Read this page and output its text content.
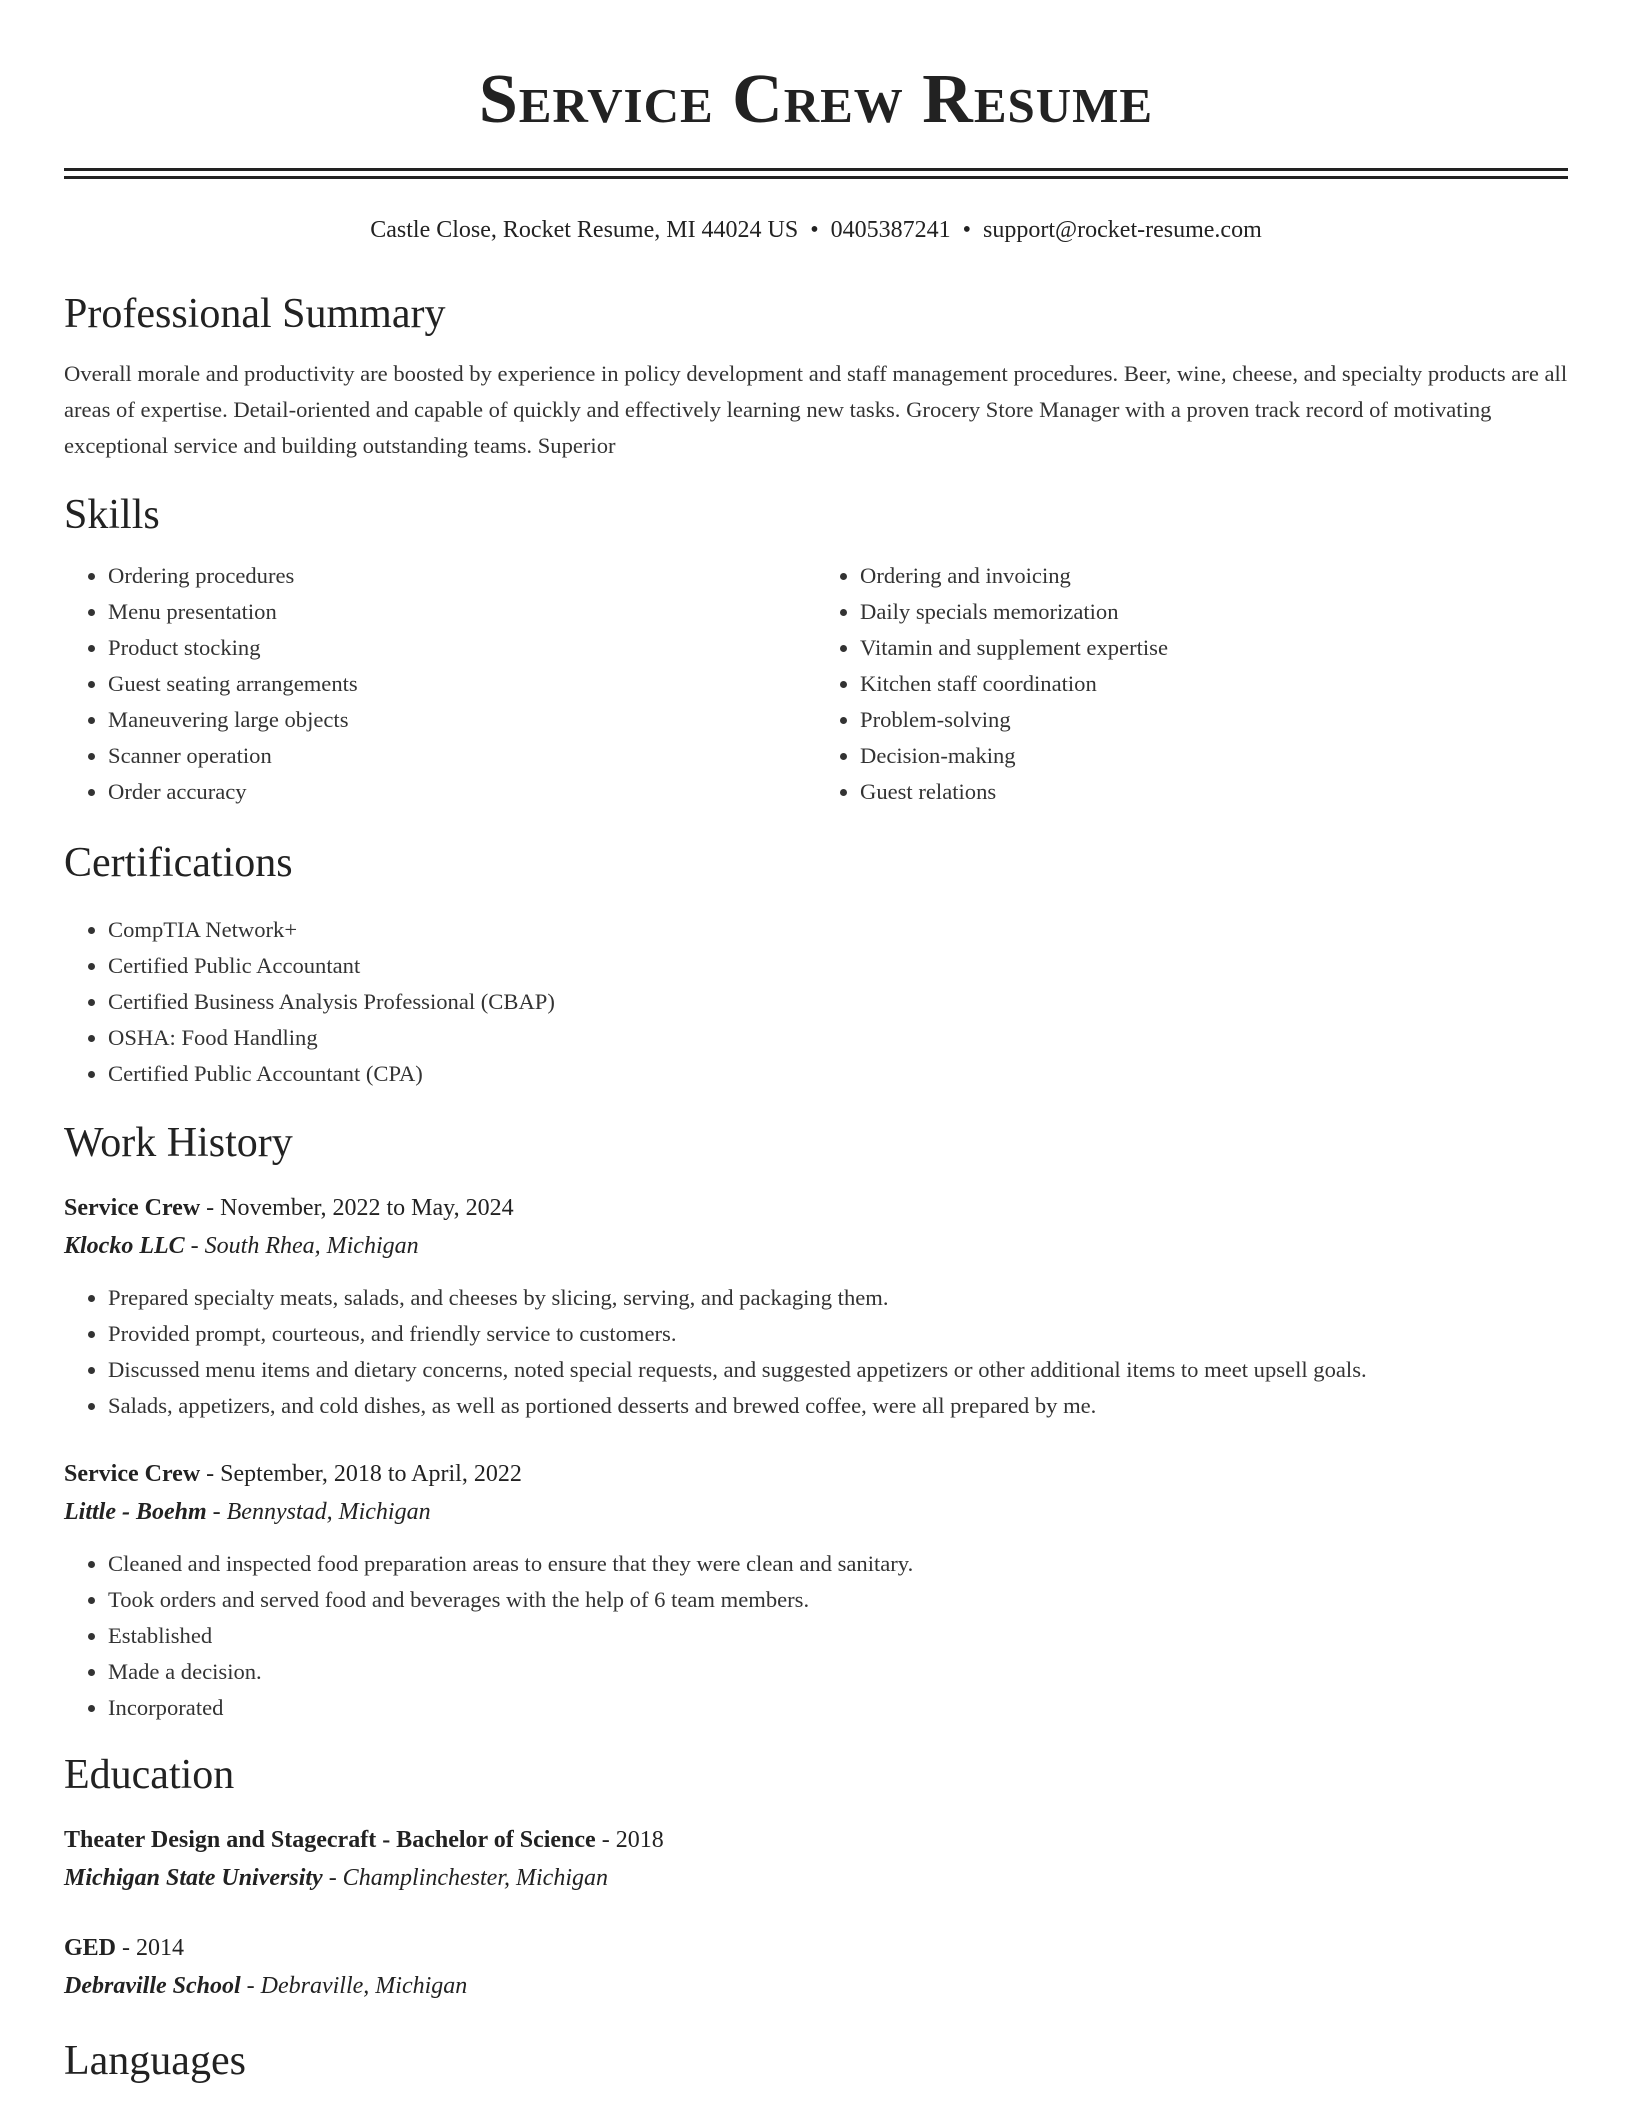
Service Crew Resume
Castle Close, Rocket Resume, MI 44024 US • 0405387241 • support@rocket-resume.com
Professional Summary
Overall morale and productivity are boosted by experience in policy development and staff management procedures. Beer, wine, cheese, and specialty products are all areas of expertise. Detail-oriented and capable of quickly and effectively learning new tasks. Grocery Store Manager with a proven track record of motivating exceptional service and building outstanding teams. Superior
Skills
• Ordering procedures
• Menu presentation
• Product stocking
• Guest seating arrangements
• Maneuvering large objects
• Scanner operation
• Order accuracy
• Ordering and invoicing
• Daily specials memorization
• Vitamin and supplement expertise
• Kitchen staff coordination
• Problem-solving
• Decision-making
• Guest relations
Certifications
• CompTIA Network+
• Certified Public Accountant
• Certified Business Analysis Professional (CBAP)
• OSHA: Food Handling
• Certified Public Accountant (CPA)
Work History
Service Crew - November, 2022 to May, 2024
Klocko LLC - South Rhea, Michigan
• Prepared specialty meats, salads, and cheeses by slicing, serving, and packaging them.
• Provided prompt, courteous, and friendly service to customers.
• Discussed menu items and dietary concerns, noted special requests, and suggested appetizers or other additional items to meet upsell goals.
• Salads, appetizers, and cold dishes, as well as portioned desserts and brewed coffee, were all prepared by me.
Service Crew - September, 2018 to April, 2022
Little - Boehm - Bennystad, Michigan
• Cleaned and inspected food preparation areas to ensure that they were clean and sanitary.
• Took orders and served food and beverages with the help of 6 team members.
• Established
• Made a decision.
• Incorporated
Education
Theater Design and Stagecraft - Bachelor of Science - 2018
Michigan State University - Champlinchester, Michigan
GED - 2014
Debraville School - Debraville, Michigan
Languages
